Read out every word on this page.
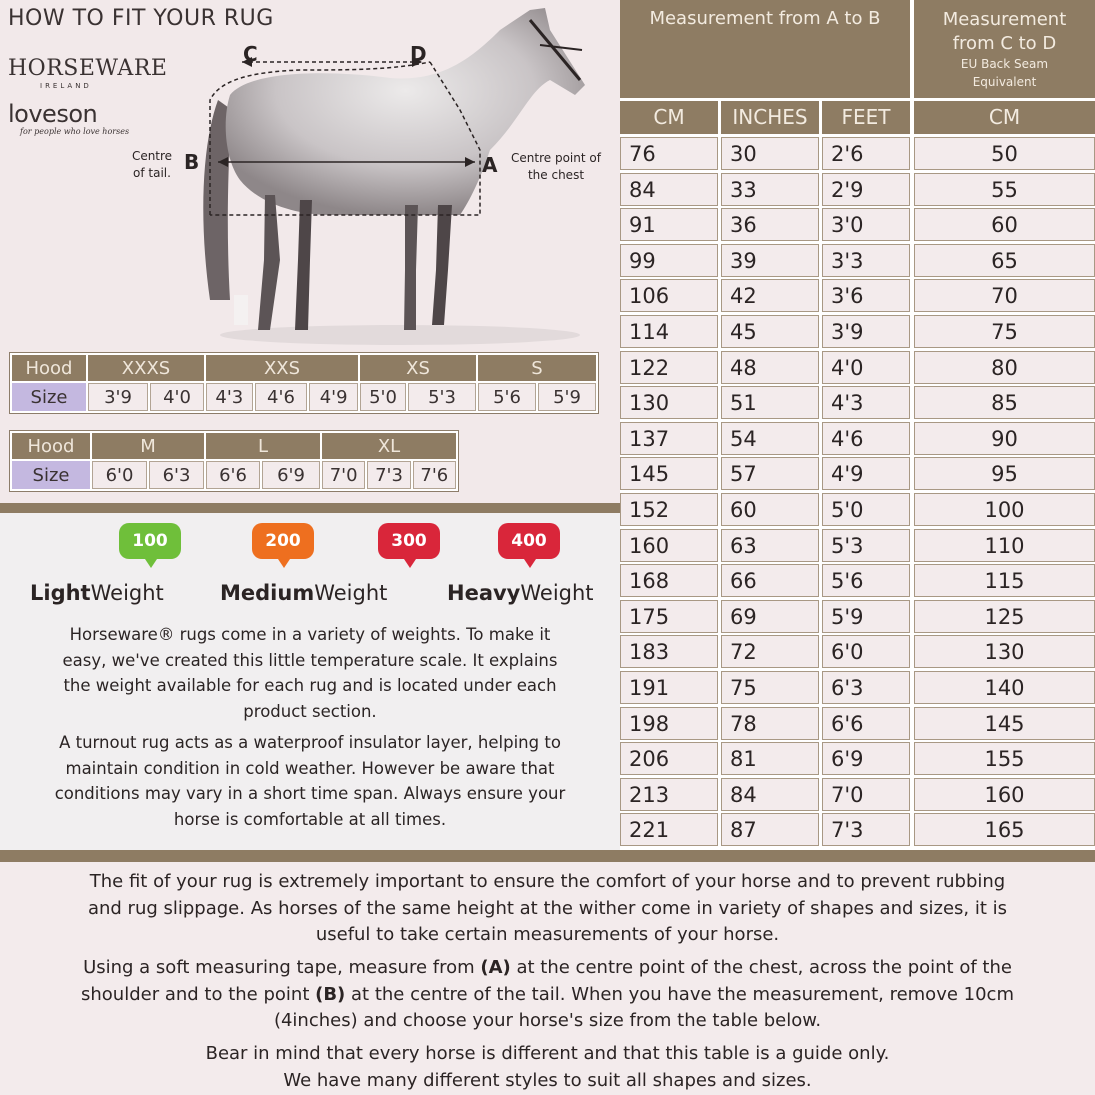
HOW TO FIT YOUR RUG
HORSEWARE
IRELAND
loveson
for people who love horses
C	D
B	A
Centre
of tail.
Centre point of
the chest
Hood	XXXS		XXS			XS		S	
Size	3'9	4'0	4'3	4'6	4'9	5'0	5'3	5'6	5'9
Hood	M		L		XL		
Size	6'0	6'3	6'6	6'9	7'0	7'3	7'6
100	200	300	400
LightWeight	MediumWeight	HeavyWeight
Horseware® rugs come in a variety of weights. To make it
easy, we've created this little temperature scale. It explains
the weight available for each rug and is located under each
product section.
A turnout rug acts as a waterproof insulator layer, helping to
maintain condition in cold weather. However be aware that
conditions may vary in a short time span. Always ensure your
horse is comfortable at all times.
Measurement from A to B	Measurement
from C to D
EU Back Seam
Equivalent
CM	INCHES	FEET	CM
76	30	2'6	50
84	33	2'9	55
91	36	3'0	60
99	39	3'3	65
106	42	3'6	70
114	45	3'9	75
122	48	4'0	80
130	51	4'3	85
137	54	4'6	90
145	57	4'9	95
152	60	5'0	100
160	63	5'3	110
168	66	5'6	115
175	69	5'9	125
183	72	6'0	130
191	75	6'3	140
198	78	6'6	145
206	81	6'9	155
213	84	7'0	160
221	87	7'3	165
The fit of your rug is extremely important to ensure the comfort of your horse and to prevent rubbing
and rug slippage. As horses of the same height at the wither come in variety of shapes and sizes, it is
useful to take certain measurements of your horse.
Using a soft measuring tape, measure from (A) at the centre point of the chest, across the point of the
shoulder and to the point (B) at the centre of the tail. When you have the measurement, remove 10cm
(4inches) and choose your horse's size from the table below.
Bear in mind that every horse is different and that this table is a guide only.
We have many different styles to suit all shapes and sizes.
